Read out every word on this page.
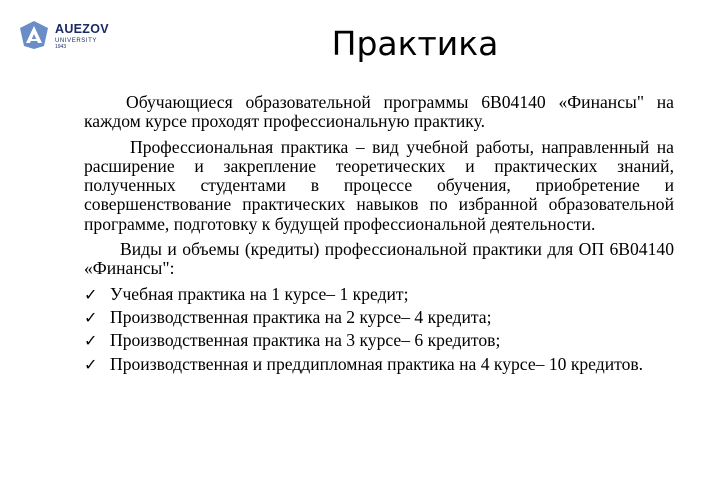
AUEZOV
UNIVERSITY
1943	Практика

Обучающиеся образовательной программы 6В04140 «Финансы" на каждом курсе проходят профессиональную практику.

Профессиональная практика – вид учебной работы, направленный на расширение и закрепление теоретических и практических знаний, полученных студентами в процессе обучения, приобретение и совершенствование практических навыков по избранной образовательной программе, подготовку к будущей профессиональной деятельности.

Виды и объемы (кредиты) профессиональной практики для ОП 6В04140 «Финансы":

✓ Учебная практика на 1 курсе– 1 кредит;
✓ Производственная практика на 2 курсе– 4 кредита;
✓ Производственная практика на 3 курсе– 6 кредитов;
✓ Производственная и преддипломная практика на 4 курсе– 10 кредитов.
